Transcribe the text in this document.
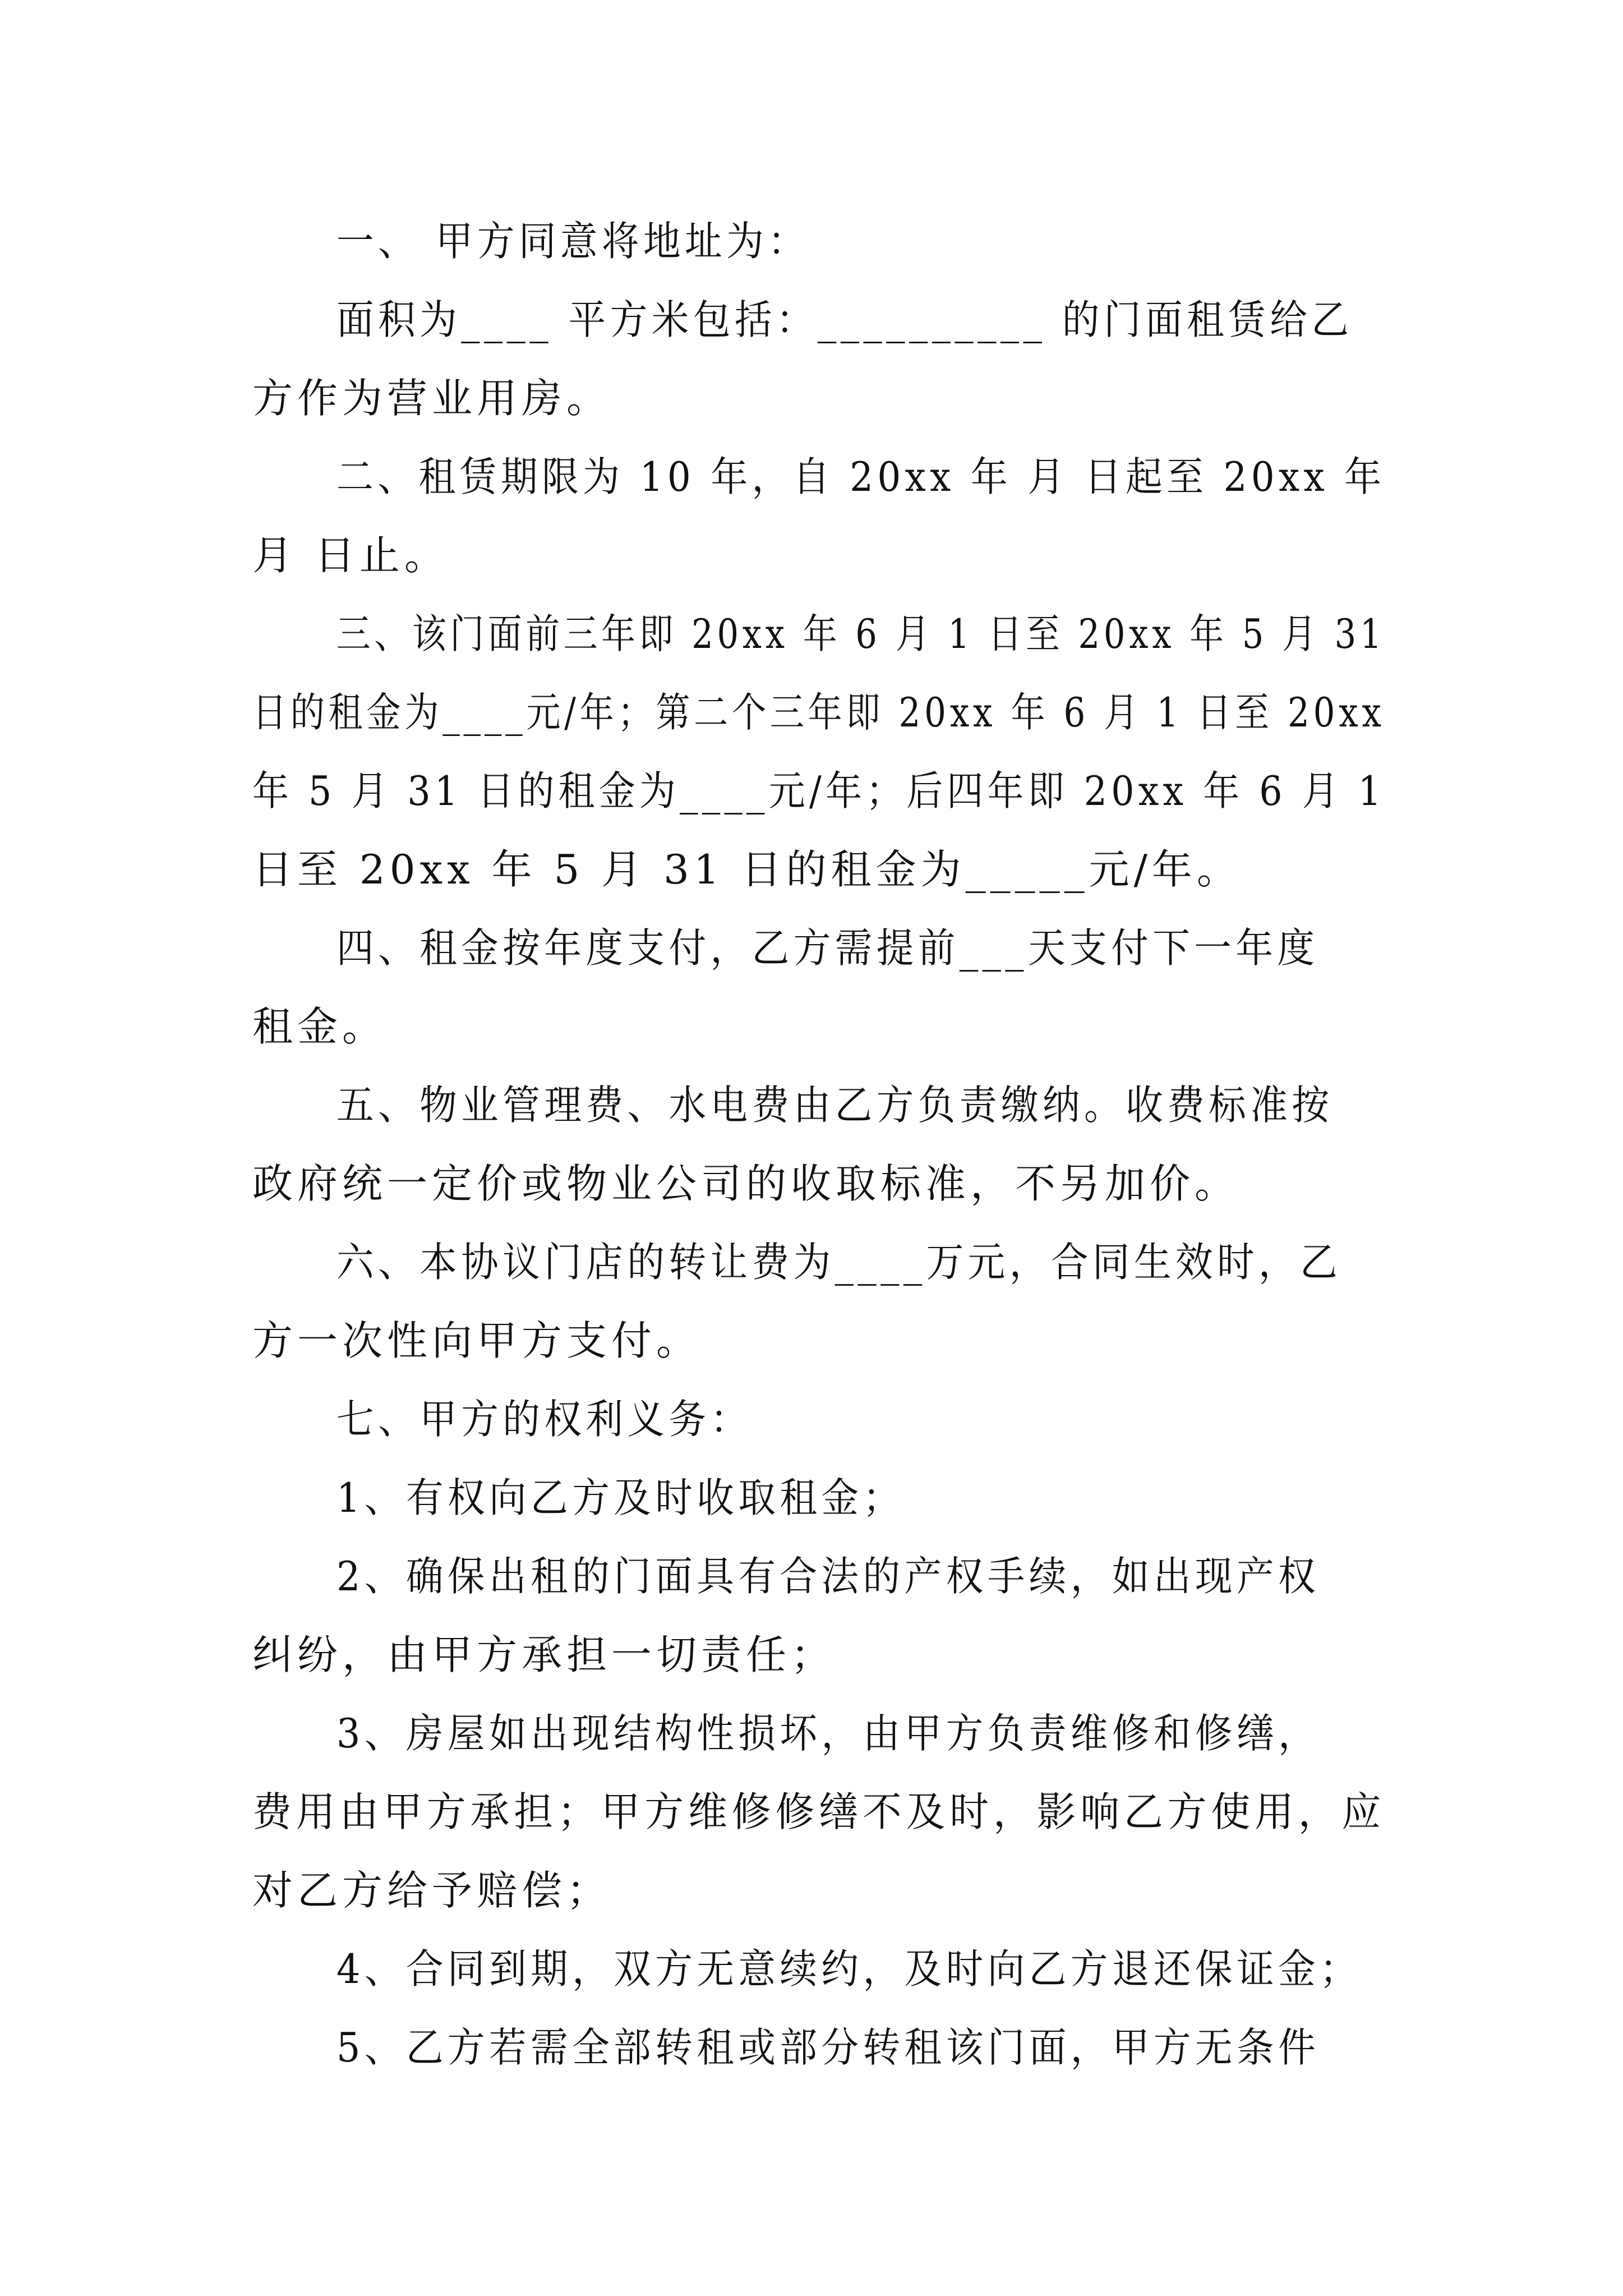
一、 甲方同意将地址为：
面积为____ 平方米包括：__________ 的门面租赁给乙
方作为营业用房。
二、租赁期限为 10 年，自 20xx 年 月 日起至 20xx 年
月 日止。
三、该门面前三年即 20xx 年 6 月 1 日至 20xx 年 5 月 31
日的租金为____元/年；第二个三年即 20xx 年 6 月 1 日至 20xx
年 5 月 31 日的租金为____元/年；后四年即 20xx 年 6 月 1
日至 20xx 年 5 月 31 日的租金为_____元/年。
四、租金按年度支付，乙方需提前___天支付下一年度
租金。
五、物业管理费、水电费由乙方负责缴纳。收费标准按
政府统一定价或物业公司的收取标准，不另加价。
六、本协议门店的转让费为____万元，合同生效时，乙
方一次性向甲方支付。
七、甲方的权利义务：
1、有权向乙方及时收取租金；
2、确保出租的门面具有合法的产权手续，如出现产权
纠纷，由甲方承担一切责任；
3、房屋如出现结构性损坏，由甲方负责维修和修缮，
费用由甲方承担；甲方维修修缮不及时，影响乙方使用，应
对乙方给予赔偿；
4、合同到期，双方无意续约，及时向乙方退还保证金；
5、乙方若需全部转租或部分转租该门面，甲方无条件
